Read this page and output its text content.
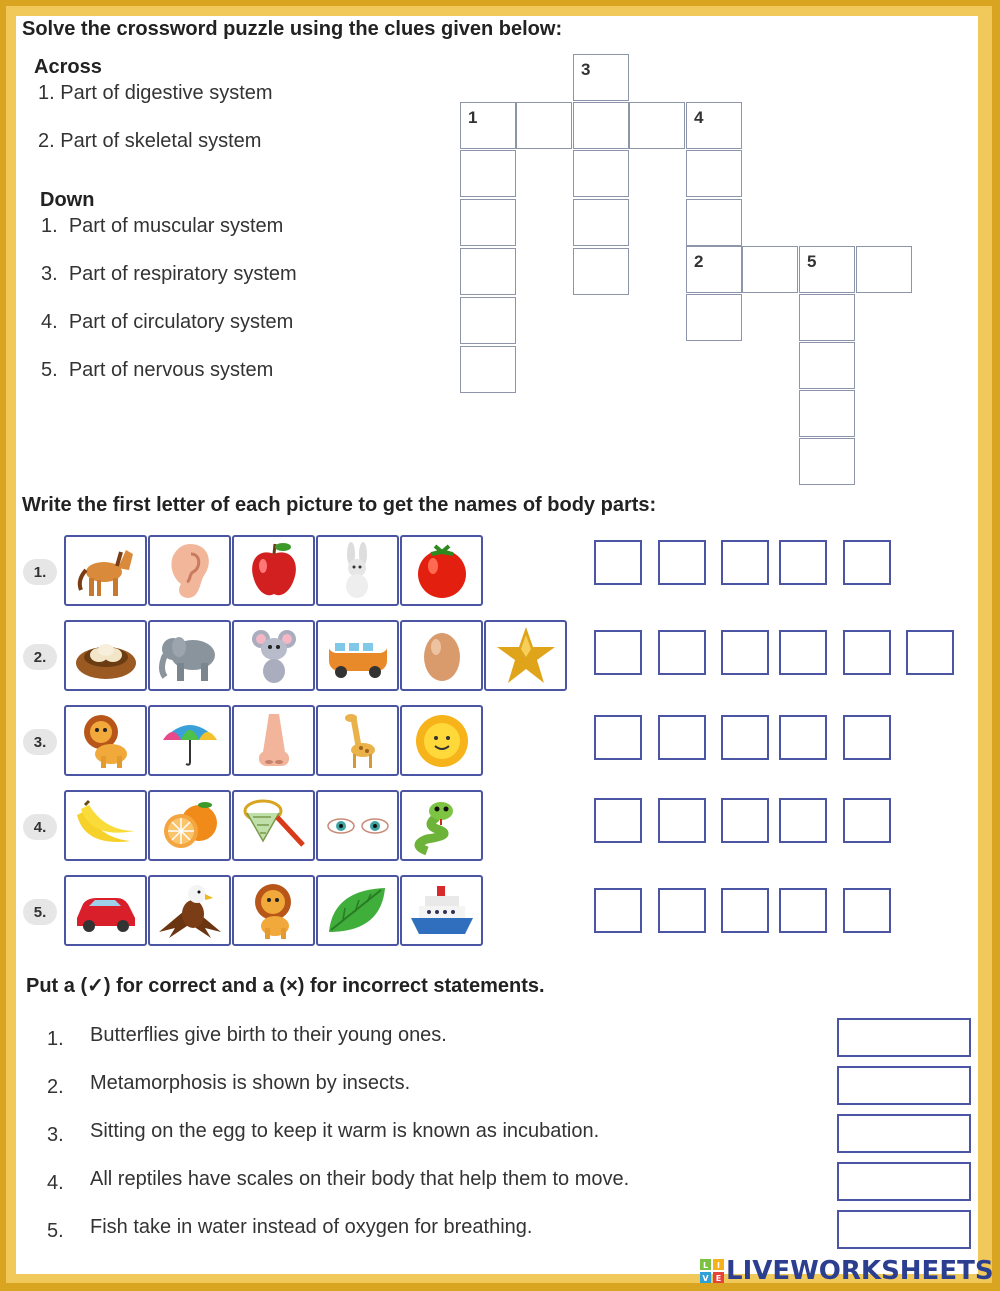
Solve the crossword puzzle using the clues given below:
Across
1. Part of digestive system
2. Part of skeletal system
Down
1. Part of muscular system
3. Part of respiratory system
4. Part of circulatory system
5. Part of nervous system
3
1	4
2	5
Write the first letter of each picture to get the names of body parts:
1.
2.
3.
4.
5.
Put a (✓) for correct and a (×) for incorrect statements.
1. Butterflies give birth to their young ones.
2. Metamorphosis is shown by insects.
3. Sitting on the egg to keep it warm is known as incubation.
4. All reptiles have scales on their body that help them to move.
5. Fish take in water instead of oxygen for breathing.
L I
V E LIVEWORKSHEETS
